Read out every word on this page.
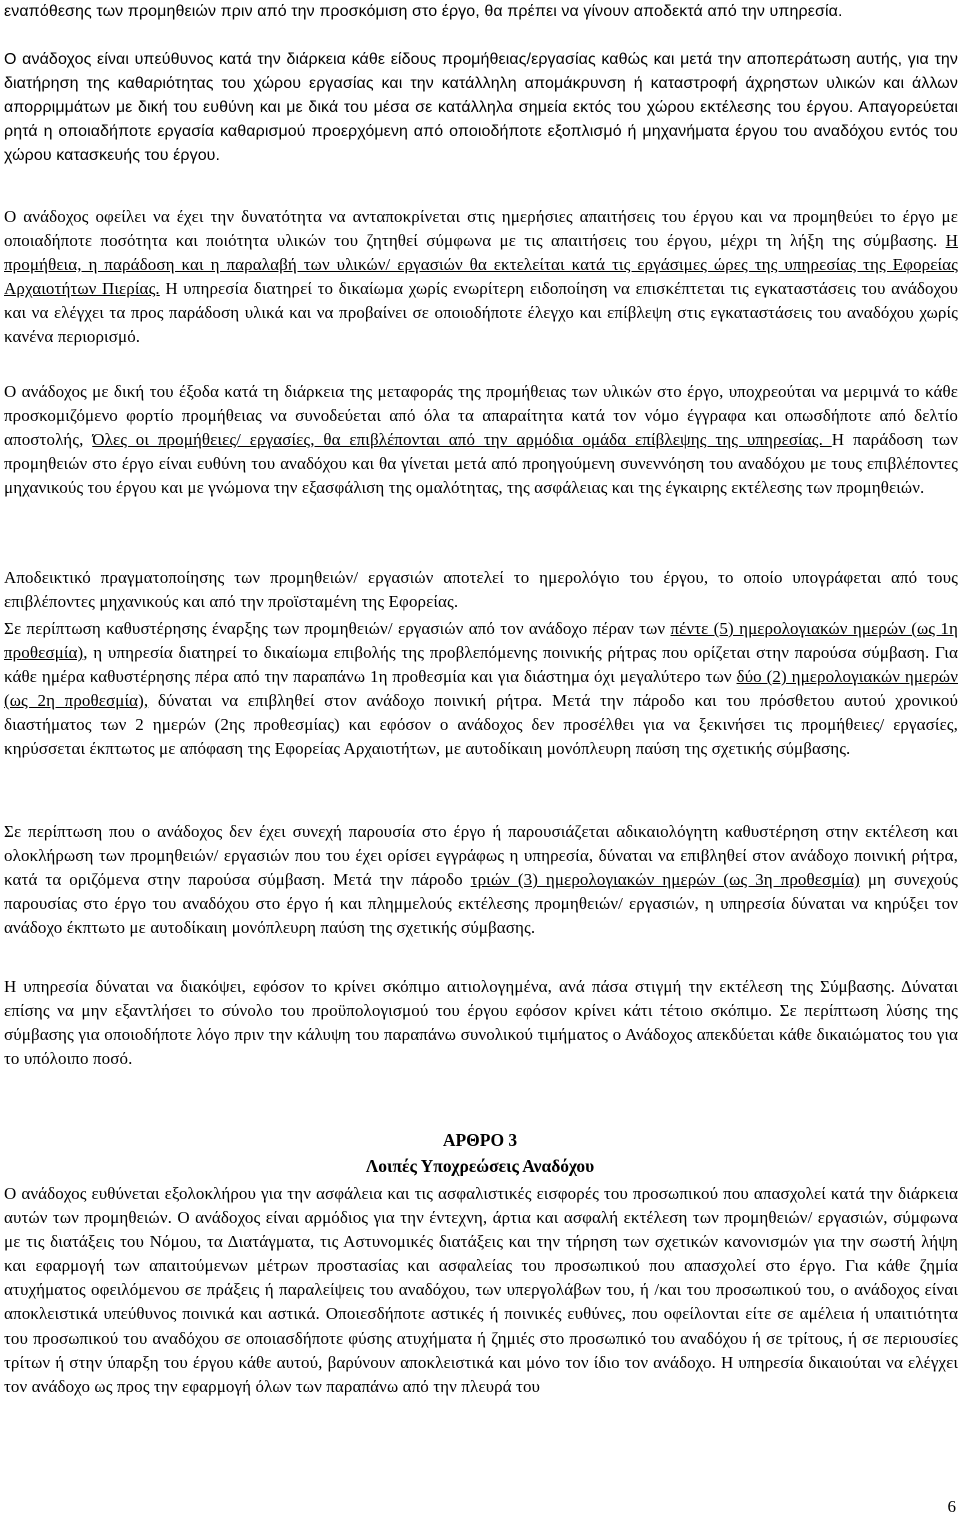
εναπόθεσης των προμηθειών πριν από την προσκόμιση στο έργο, θα πρέπει να γίνουν αποδεκτά από την υπηρεσία.

Ο ανάδοχος είναι υπεύθυνος κατά την διάρκεια κάθε είδους προμήθειας/εργασίας καθώς και μετά την αποπεράτωση αυτής, για την διατήρηση της καθαριότητας του χώρου εργασίας και την κατάλληλη απομάκρυνση ή καταστροφή άχρηστων υλικών και άλλων απορριμμάτων με δική του ευθύνη και με δικά του μέσα σε κατάλληλα σημεία εκτός του χώρου εκτέλεσης του έργου. Απαγορεύεται ρητά η οποιαδήποτε εργασία καθαρισμού προερχόμενη από οποιοδήποτε εξοπλισμό ή μηχανήματα έργου του αναδόχου εντός του χώρου κατασκευής του έργου.

Ο ανάδοχος οφείλει να έχει την δυνατότητα να ανταποκρίνεται στις ημερήσιες απαιτήσεις του έργου και να προμηθεύει το έργο με οποιαδήποτε ποσότητα και ποιότητα υλικών του ζητηθεί σύμφωνα με τις απαιτήσεις του έργου, μέχρι τη λήξη της σύμβασης. Η προμήθεια, η παράδοση και η παραλαβή των υλικών/ εργασιών θα εκτελείται κατά τις εργάσιμες ώρες της υπηρεσίας της Εφορείας Αρχαιοτήτων Πιερίας. Η υπηρεσία διατηρεί το δικαίωμα χωρίς ενωρίτερη ειδοποίηση να επισκέπτεται τις εγκαταστάσεις του ανάδοχου και να ελέγχει τα προς παράδοση υλικά και να προβαίνει σε οποιοδήποτε έλεγχο και επίβλεψη στις εγκαταστάσεις του αναδόχου χωρίς κανένα περιορισμό.

Ο ανάδοχος με δική του έξοδα κατά τη διάρκεια της μεταφοράς της προμήθειας των υλικών στο έργο, υποχρεούται να μεριμνά το κάθε προσκομιζόμενο φορτίο προμήθειας να συνοδεύεται από όλα τα απαραίτητα κατά τον νόμο έγγραφα και οπωσδήποτε από δελτίο αποστολής, Όλες οι προμήθειες/ εργασίες, θα επιβλέπονται από την αρμόδια ομάδα επίβλεψης της υπηρεσίας. Η παράδοση των προμηθειών στο έργο είναι ευθύνη του αναδόχου και θα γίνεται μετά από προηγούμενη συνεννόηση του αναδόχου με τους επιβλέποντες μηχανικούς του έργου και με γνώμονα την εξασφάλιση της ομαλότητας, της ασφάλειας και της έγκαιρης εκτέλεσης των προμηθειών.

Αποδεικτικό πραγματοποίησης των προμηθειών/ εργασιών αποτελεί το ημερολόγιο του έργου, το οποίο υπογράφεται από τους επιβλέποντες μηχανικούς και από την προϊσταμένη της Εφορείας.

Σε περίπτωση καθυστέρησης έναρξης των προμηθειών/ εργασιών από τον ανάδοχο πέραν των πέντε (5) ημερολογιακών ημερών (ως 1η προθεσμία), η υπηρεσία διατηρεί το δικαίωμα επιβολής της προβλεπόμενης ποινικής ρήτρας που ορίζεται στην παρούσα σύμβαση. Για κάθε ημέρα καθυστέρησης πέρα από την παραπάνω 1η προθεσμία και για διάστημα όχι μεγαλύτερο των δύο (2) ημερολογιακών ημερών (ως 2η προθεσμία), δύναται να επιβληθεί στον ανάδοχο ποινική ρήτρα. Μετά την πάροδο και του πρόσθετου αυτού χρονικού διαστήματος των 2 ημερών (2ης προθεσμίας) και εφόσον ο ανάδοχος δεν προσέλθει για να ξεκινήσει τις προμήθειες/ εργασίες, κηρύσσεται έκπτωτος με απόφαση της Εφορείας Αρχαιοτήτων, με αυτοδίκαιη μονόπλευρη παύση της σχετικής σύμβασης.

Σε περίπτωση που ο ανάδοχος δεν έχει συνεχή παρουσία στο έργο ή παρουσιάζεται αδικαιολόγητη καθυστέρηση στην εκτέλεση και ολοκλήρωση των προμηθειών/ εργασιών που του έχει ορίσει εγγράφως η υπηρεσία, δύναται να επιβληθεί στον ανάδοχο ποινική ρήτρα, κατά τα οριζόμενα στην παρούσα σύμβαση. Μετά την πάροδο τριών (3) ημερολογιακών ημερών (ως 3η προθεσμία) μη συνεχούς παρουσίας στο έργο του αναδόχου στο έργο ή και πλημμελούς εκτέλεσης προμηθειών/ εργασιών, η υπηρεσία δύναται να κηρύξει τον ανάδοχο έκπτωτο με αυτοδίκαιη μονόπλευρη παύση της σχετικής σύμβασης.

Η υπηρεσία δύναται να διακόψει, εφόσον το κρίνει σκόπιμο αιτιολογημένα, ανά πάσα στιγμή την εκτέλεση της Σύμβασης. Δύναται επίσης να μην εξαντλήσει το σύνολο του προϋπολογισμού του έργου εφόσον κρίνει κάτι τέτοιο σκόπιμο. Σε περίπτωση λύσης της σύμβασης για οποιοδήποτε λόγο πριν την κάλυψη του παραπάνω συνολικού τιμήματος ο Ανάδοχος απεκδύεται κάθε δικαιώματος του για το υπόλοιπο ποσό.

ΑΡΘΡΟ 3
Λοιπές Υποχρεώσεις Αναδόχου

Ο ανάδοχος ευθύνεται εξολοκλήρου για την ασφάλεια και τις ασφαλιστικές εισφορές του προσωπικού που απασχολεί κατά την διάρκεια αυτών των προμηθειών. Ο ανάδοχος είναι αρμόδιος για την έντεχνη, άρτια και ασφαλή εκτέλεση των προμηθειών/ εργασιών, σύμφωνα με τις διατάξεις του Νόμου, τα Διατάγματα, τις Αστυνομικές διατάξεις και την τήρηση των σχετικών κανονισμών για την σωστή λήψη και εφαρμογή των απαιτούμενων μέτρων προστασίας και ασφαλείας του προσωπικού που απασχολεί στο έργο. Για κάθε ζημία ατυχήματος οφειλόμενου σε πράξεις ή παραλείψεις του αναδόχου, των υπεργολάβων του, ή /και του προσωπικού του, ο ανάδοχος είναι αποκλειστικά υπεύθυνος ποινικά και αστικά. Οποιεσδήποτε αστικές ή ποινικές ευθύνες, που οφείλονται είτε σε αμέλεια ή υπαιτιότητα του προσωπικού του αναδόχου σε οποιασδήποτε φύσης ατυχήματα ή ζημιές στο προσωπικό του αναδόχου ή σε τρίτους, ή σε περιουσίες τρίτων ή στην ύπαρξη του έργου κάθε αυτού, βαρύνουν αποκλειστικά και μόνο τον ίδιο τον ανάδοχο. Η υπηρεσία δικαιούται να ελέγχει τον ανάδοχο ως προς την εφαρμογή όλων των παραπάνω από την πλευρά του

6
